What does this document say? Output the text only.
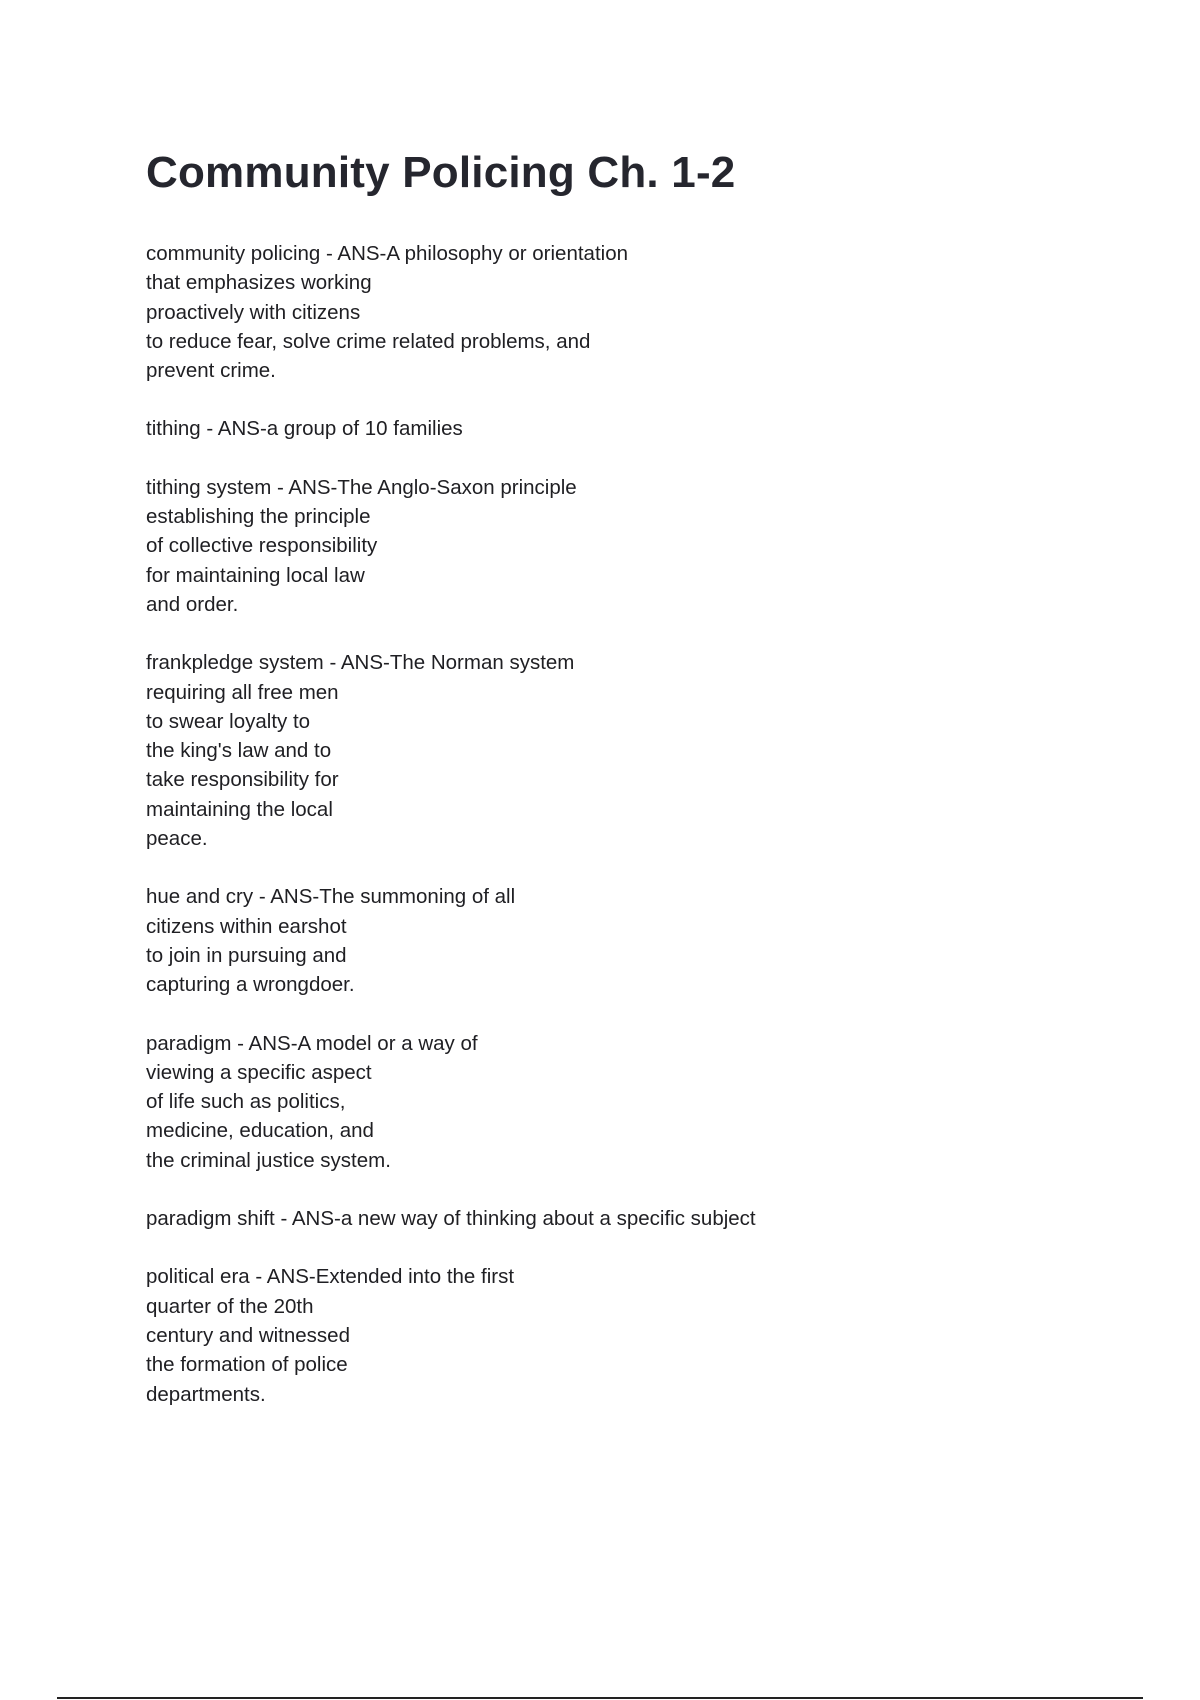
Community Policing Ch. 1-2
community policing - ANS-A philosophy or orientation
that emphasizes working
proactively with citizens
to reduce fear, solve crime related problems, and
prevent crime.
tithing - ANS-a group of 10 families
tithing system - ANS-The Anglo-Saxon principle
establishing the principle
of collective responsibility
for maintaining local law
and order.
frankpledge system - ANS-The Norman system
requiring all free men
to swear loyalty to
the king's law and to
take responsibility for
maintaining the local
peace.
hue and cry - ANS-The summoning of all
citizens within earshot
to join in pursuing and
capturing a wrongdoer.
paradigm - ANS-A model or a way of
viewing a specific aspect
of life such as politics,
medicine, education, and
the criminal justice system.
paradigm shift - ANS-a new way of thinking about a specific subject
political era - ANS-Extended into the first
quarter of the 20th
century and witnessed
the formation of police
departments.
